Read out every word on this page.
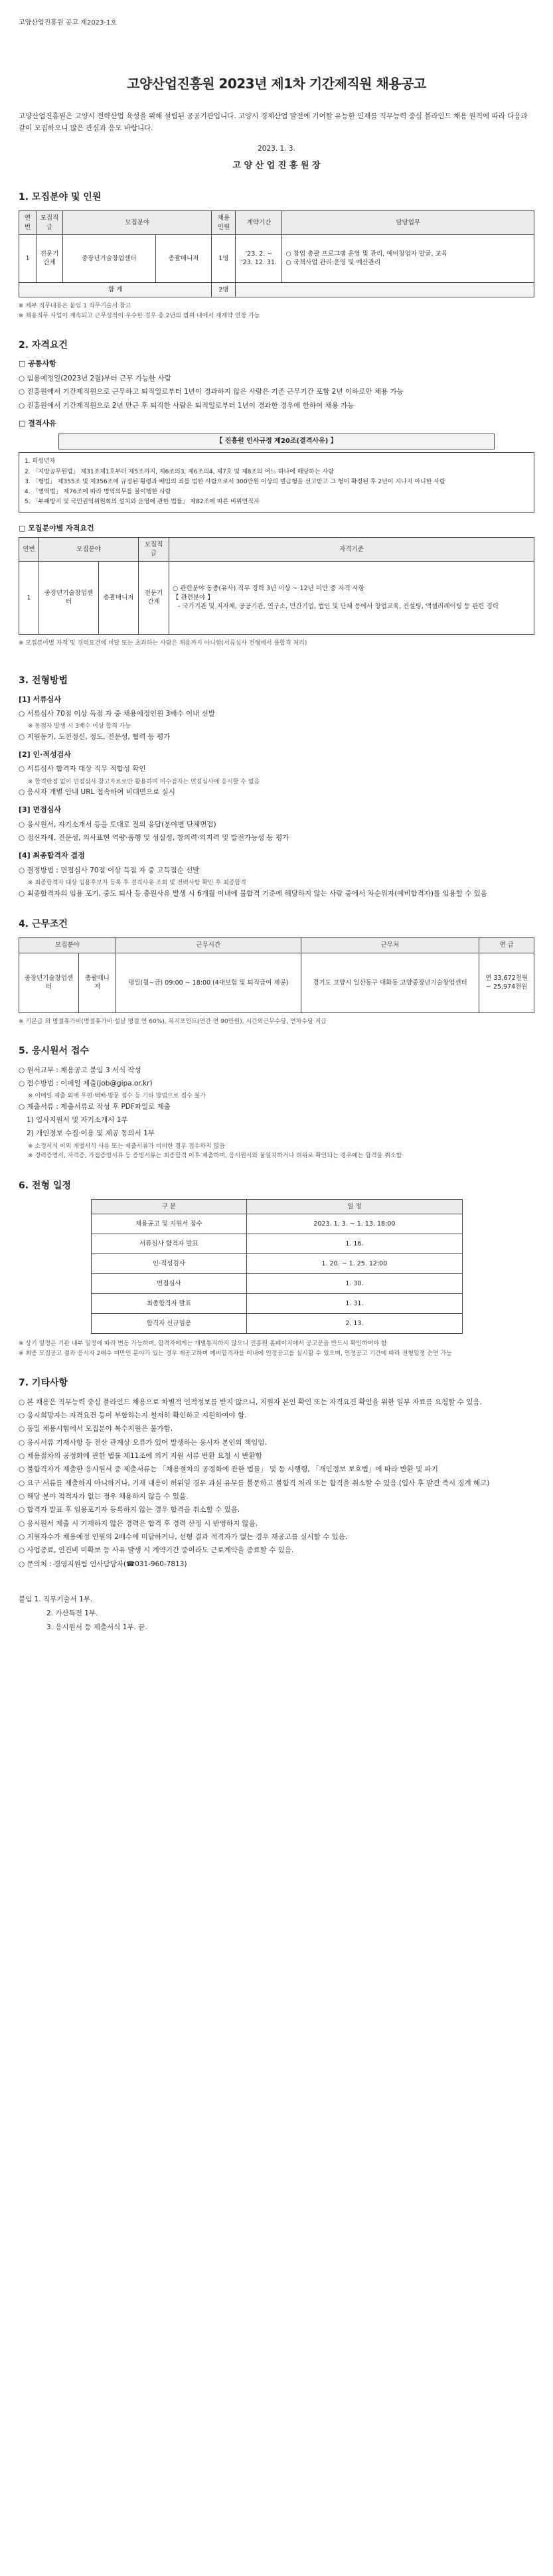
고양산업진흥원 공고 제2023-1호
고양산업진흥원 2023년 제1차 기간제직원 채용공고

고양산업진흥원은 고양시 전략산업 육성을 위해 설립된 공공기관입니다. 고양시 경제산업 발전에 기여할 유능한 인재를 직무능력 중심 블라인드 채용 원칙에 따라 다음과 같이 모집하오니 많은 관심과 응모 바랍니다.

2023. 1. 3.
고 양 산 업 진 흥 원 장
1. 모집분야 및 인원
연번	모집직급	모집분야		채용인원	계약기간	담당업무
1	전문기간제	중장년기술창업센터	총괄매니저	1명	'23. 2. ~ '23. 12. 31.	○ 창업 총괄 프로그램 운영 및 관리, 예비창업자 발굴, 교육
○ 국책사업 관리·운영 및 예산관리

합 계				2명		
※ 세부 직무내용은 붙임 1 직무기술서 참고
※ 채용직무 사업이 계속되고 근무성적이 우수한 경우 총 2년의 범위 내에서 재계약 연장 가능
2. 자격요건
□ 공통사항
○ 임용예정일(2023년 2월)부터 근무 가능한 사람
○ 진흥원에서 기간제직원으로 근무하고 퇴직일로부터 1년이 경과하지 않은 사람은 기존 근무기간 포함 2년 이하로만 채용 가능
○ 진흥원에서 기간제직원으로 2년 만근 후 퇴직한 사람은 퇴직일로부터 1년이 경과한 경우에 한하여 채용 가능
□ 결격사유
【 진흥원 인사규정 제20조(결격사유) 】
1. 피성년자
2. 「지방공무원법」 제31조제1호부터 제5조까지, 제6조의3, 제6조의4, 제7호 및 제8조의 어느 하나에 해당하는 사람
3. 「형법」 제355조 및 제356조에 규정된 횡령과 배임의 죄를 범한 사람으로서 300만원 이상의 벌금형을 선고받고 그 형이 확정된 후 2년이 지나지 아니한 사람
4. 「병역법」 제76조에 따라 병역의무를 불이행한 사람
5. 「부패방지 및 국민권익위원회의 설치와 운영에 관한 법률」 제82조에 따른 비위면직자
□ 모집분야별 자격요건
연번	모집분야		모집직급	자격기준
1	중장년기술창업센터	총괄매니저	전문기간제	○ 관련분야 동종(유사) 직무 경력 3년 이상 ~ 12년 미만 중 자격 사항
【 관련분야 】
- 국가기관 및 지자체, 공공기관, 연구소, 민간기업, 법인 및 단체 등에서 창업교육, 컨설팅, 액셀러레이팅 등 관련 경력
※ 모집분야별 자격 및 경력요건에 미달 또는 초과하는 사람은 채용까지 아니함(서류심사 전형에서 불합격 처리)
3. 전형방법
[1] 서류심사
○ 서류심사 70점 이상 득점 자 중 채용예정인원 3배수 이내 선발
※ 동점자 발생 시 3배수 이상 합격 가능
○ 지원동기, 도전정신, 정도, 전문성, 협력 등 평가
[2] 인·적성검사
○ 서류심사 합격자 대상 직무 적합성 확인
※ 합격판정 없이 면접심사 참고자료로만 활용하며 미수검자는 면접심사에 응시할 수 없음
○ 응시자 개별 안내 URL 접속하여 비대면으로 실시
[3] 면접심사
○ 응시원서, 자기소개서 등을 토대로 질의 응답(분야별 단체면접)
○ 정신자세, 전문성, 의사표현 역량·품행 및 성실성, 창의력·의지력 및 발전가능성 등 평가
[4] 최종합격자 결정
○ 결정방법 : 면접심사 70점 이상 득점 자 중 고득점순 선발
※ 최종합격자 대상 임용후보자 등록 후 결격사유 조회 및 전력사항 확인 후 최종합격
○ 최종합격자의 임용 포기, 중도 퇴사 등 충원사유 발생 시 6개월 이내에 불합격 기준에 해당하지 않는 사람 중에서 차순위자(예비합격자)를 임용할 수 있음
4. 근무조건
모집분야		근무시간	근무처	연 급
중장년기술창업센터	총괄매니저	평일(월~금) 09:00 ~ 18:00 (4대보험 및 퇴직급여 제공)	경기도 고양시 일산동구 대화동 고양중장년기술창업센터	연 33,672천원
~ 25,974천원
※ 기본급 외 명절휴가비(명절휴가비·설날 명절 연 60%), 복지포인트(연간 연 90만원), 시간외근무수당, 연차수당 지급
5. 응시원서 접수
○ 원서교부 : 채용공고 붙임 3 서식 작성
○ 접수방법 : 이메일 제출(job@gipa.or.kr)
※ 이메일 제출 외에 우편·택배·방문 접수 등 기타 방법으로 접수 불가
○ 제출서류 : 제출서류로 작성 후 PDF파일로 제출
1) 입사지원서 및 자기소개서 1부
2) 개인정보 수집·이용 및 제공 동의서 1부
※ 소정서식 이외 개별서식 사용 또는 제출서류가 미비한 경우 접수하지 않음
※ 경력증명서, 자격증, 가점증빙서류 등 증빙서류는 최종합격 이후 제출하며, 응시원서와 불일치하거나 허위로 확인되는 경우에는 합격을 취소함
6. 전형 일정
구 분	일 정
채용공고 및 지원서 접수	2023. 1. 3. ~ 1. 13. 18:00
서류심사 합격자 발표	1. 16.
인·적성검사	1. 20. ~ 1. 25. 12:00
면접심사	1. 30.
최종합격자 발표	1. 31.
합격자 신규임용	2. 13.
※ 상기 일정은 기관 내부 일정에 따라 변동 가능하며, 합격자에게는 개별통지하지 않으니 진흥원 홈페이지에서 공고문을 반드시 확인하여야 함
※ 최종 모집공고 결과 응시자 2배수 미만인 분야가 있는 경우 재공고하며 예비합격자를 이내에 인정공고를 실시할 수 있으며, 인정공고 기간에 따라 전형일정 순연 가능
7. 기타사항
○ 본 채용은 직무능력 중심 블라인드 채용으로 차별적 인적정보를 받지 않으니, 지원자 본인 확인 또는 자격요건 확인을 위한 일부 자료를 요청할 수 있음.
○ 응시희망자는 자격요건 등이 부합하는지 철저히 확인하고 지원하여야 함.
○ 동일 채용시험에서 모집분야 복수지원은 불가함.
○ 응시서류 기재사항 등 전산 관계상 오류가 있어 발생하는 응시자 본인의 책임임.
○ 채용절차의 공정화에 관한 법률 제11조에 의거 지원 서류 반환 요청 시 반환함
○ 불합격자가 제출한 응시원서 중 제출서류는 「채용절차의 공정화에 관한 법률」 및 동 시행령, 「개인정보 보호법」에 따라 반환 및 파기
○ 요구 서류를 제출하지 아니하거나, 기재 내용이 허위일 경우 과실 유무를 불문하고 불합격 처리 또는 합격을 취소할 수 있음.(입사 후 발견 즉시 징계 해고)
○ 해당 분야 적격자가 없는 경우 채용하지 않을 수 있음.
○ 합격자 발표 후 임용포기자 등록하지 않는 경우 합격을 취소할 수 있음.
○ 응시원서 제출 시 기재하지 않은 경력은 합격 후 경력 산정 시 반영하지 않음.
○ 지원자수가 채용예정 인원의 2배수에 미달하거나, 선형 결과 적격자가 없는 경우 재공고를 실시할 수 있음.
○ 사업종료, 인건비 미확보 등 사유 발생 시 계약기간 중이라도 근로계약을 종료할 수 있음.
○ 문의처 : 경영지원팀 인사담당자(☎031-960-7813)
붙임 1. 직무기술서 1부.
2. 가산특전 1부.
3. 응시원서 등 제출서식 1부. 끝.
